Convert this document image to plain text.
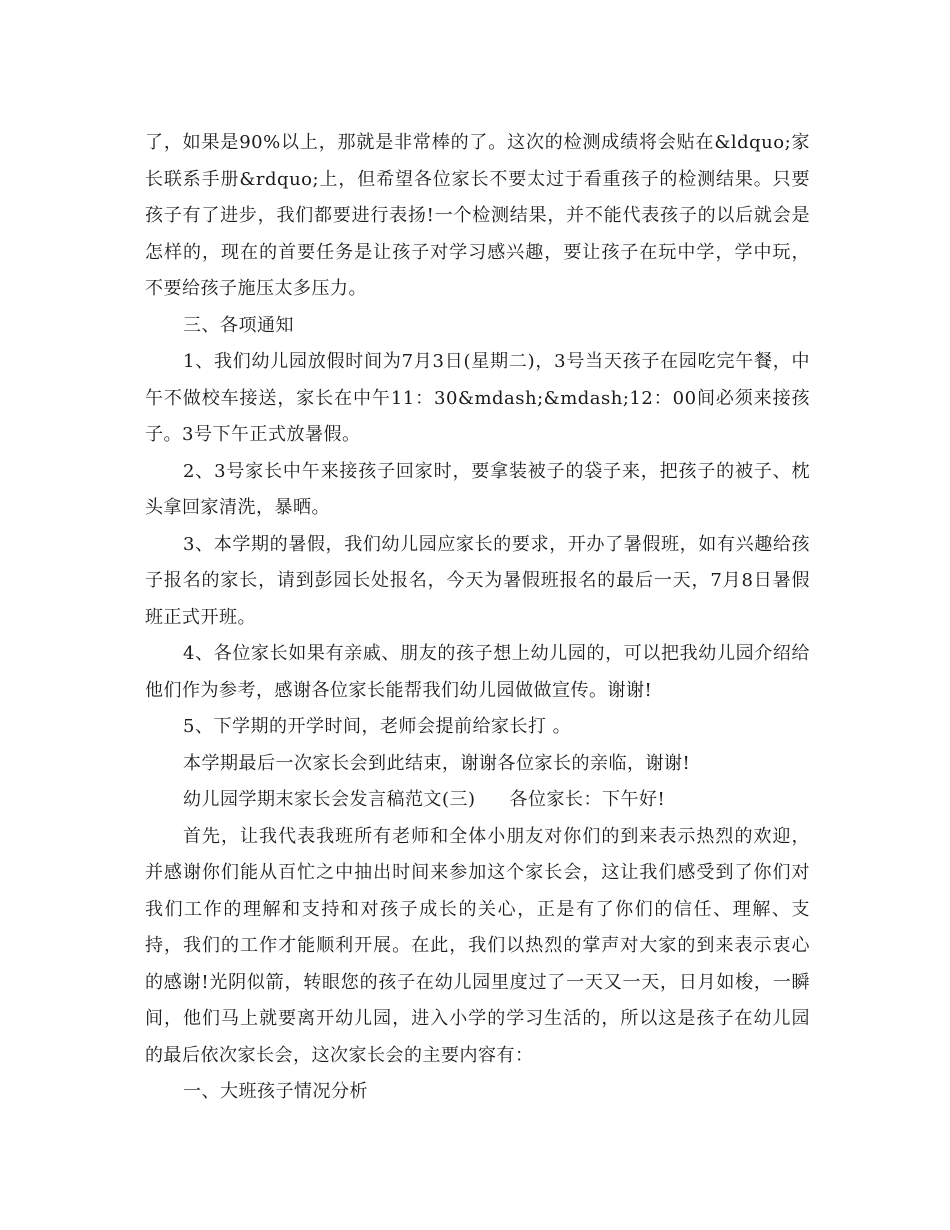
了，如果是90%以上，那就是非常棒的了。这次的检测成绩将会贴在&ldquo;家长联系手册&rdquo;上，但希望各位家长不要太过于看重孩子的检测结果。只要孩子有了进步，我们都要进行表扬!一个检测结果，并不能代表孩子的以后就会是怎样的，现在的首要任务是让孩子对学习感兴趣，要让孩子在玩中学，学中玩，不要给孩子施压太多压力。

三、各项通知

1、我们幼儿园放假时间为7月3日(星期二)，3号当天孩子在园吃完午餐，中午不做校车接送，家长在中午11：30&mdash;&mdash;12：00间必须来接孩子。3号下午正式放暑假。

2、3号家长中午来接孩子回家时，要拿装被子的袋子来，把孩子的被子、枕头拿回家清洗，暴晒。

3、本学期的暑假，我们幼儿园应家长的要求，开办了暑假班，如有兴趣给孩子报名的家长，请到彭园长处报名，今天为暑假班报名的最后一天，7月8日暑假班正式开班。

4、各位家长如果有亲戚、朋友的孩子想上幼儿园的，可以把我幼儿园介绍给他们作为参考，感谢各位家长能帮我们幼儿园做做宣传。谢谢!

5、下学期的开学时间，老师会提前给家长打 。

本学期最后一次家长会到此结束，谢谢各位家长的亲临，谢谢!

幼儿园学期末家长会发言稿范文(三) 各位家长：下午好!

首先，让我代表我班所有老师和全体小朋友对你们的到来表示热烈的欢迎，并感谢你们能从百忙之中抽出时间来参加这个家长会，这让我们感受到了你们对我们工作的理解和支持和对孩子成长的关心，正是有了你们的信任、理解、支持，我们的工作才能顺利开展。在此，我们以热烈的掌声对大家的到来表示衷心的感谢!光阴似箭，转眼您的孩子在幼儿园里度过了一天又一天，日月如梭，一瞬间，他们马上就要离开幼儿园，进入小学的学习生活的，所以这是孩子在幼儿园的最后依次家长会，这次家长会的主要内容有：

一、大班孩子情况分析
